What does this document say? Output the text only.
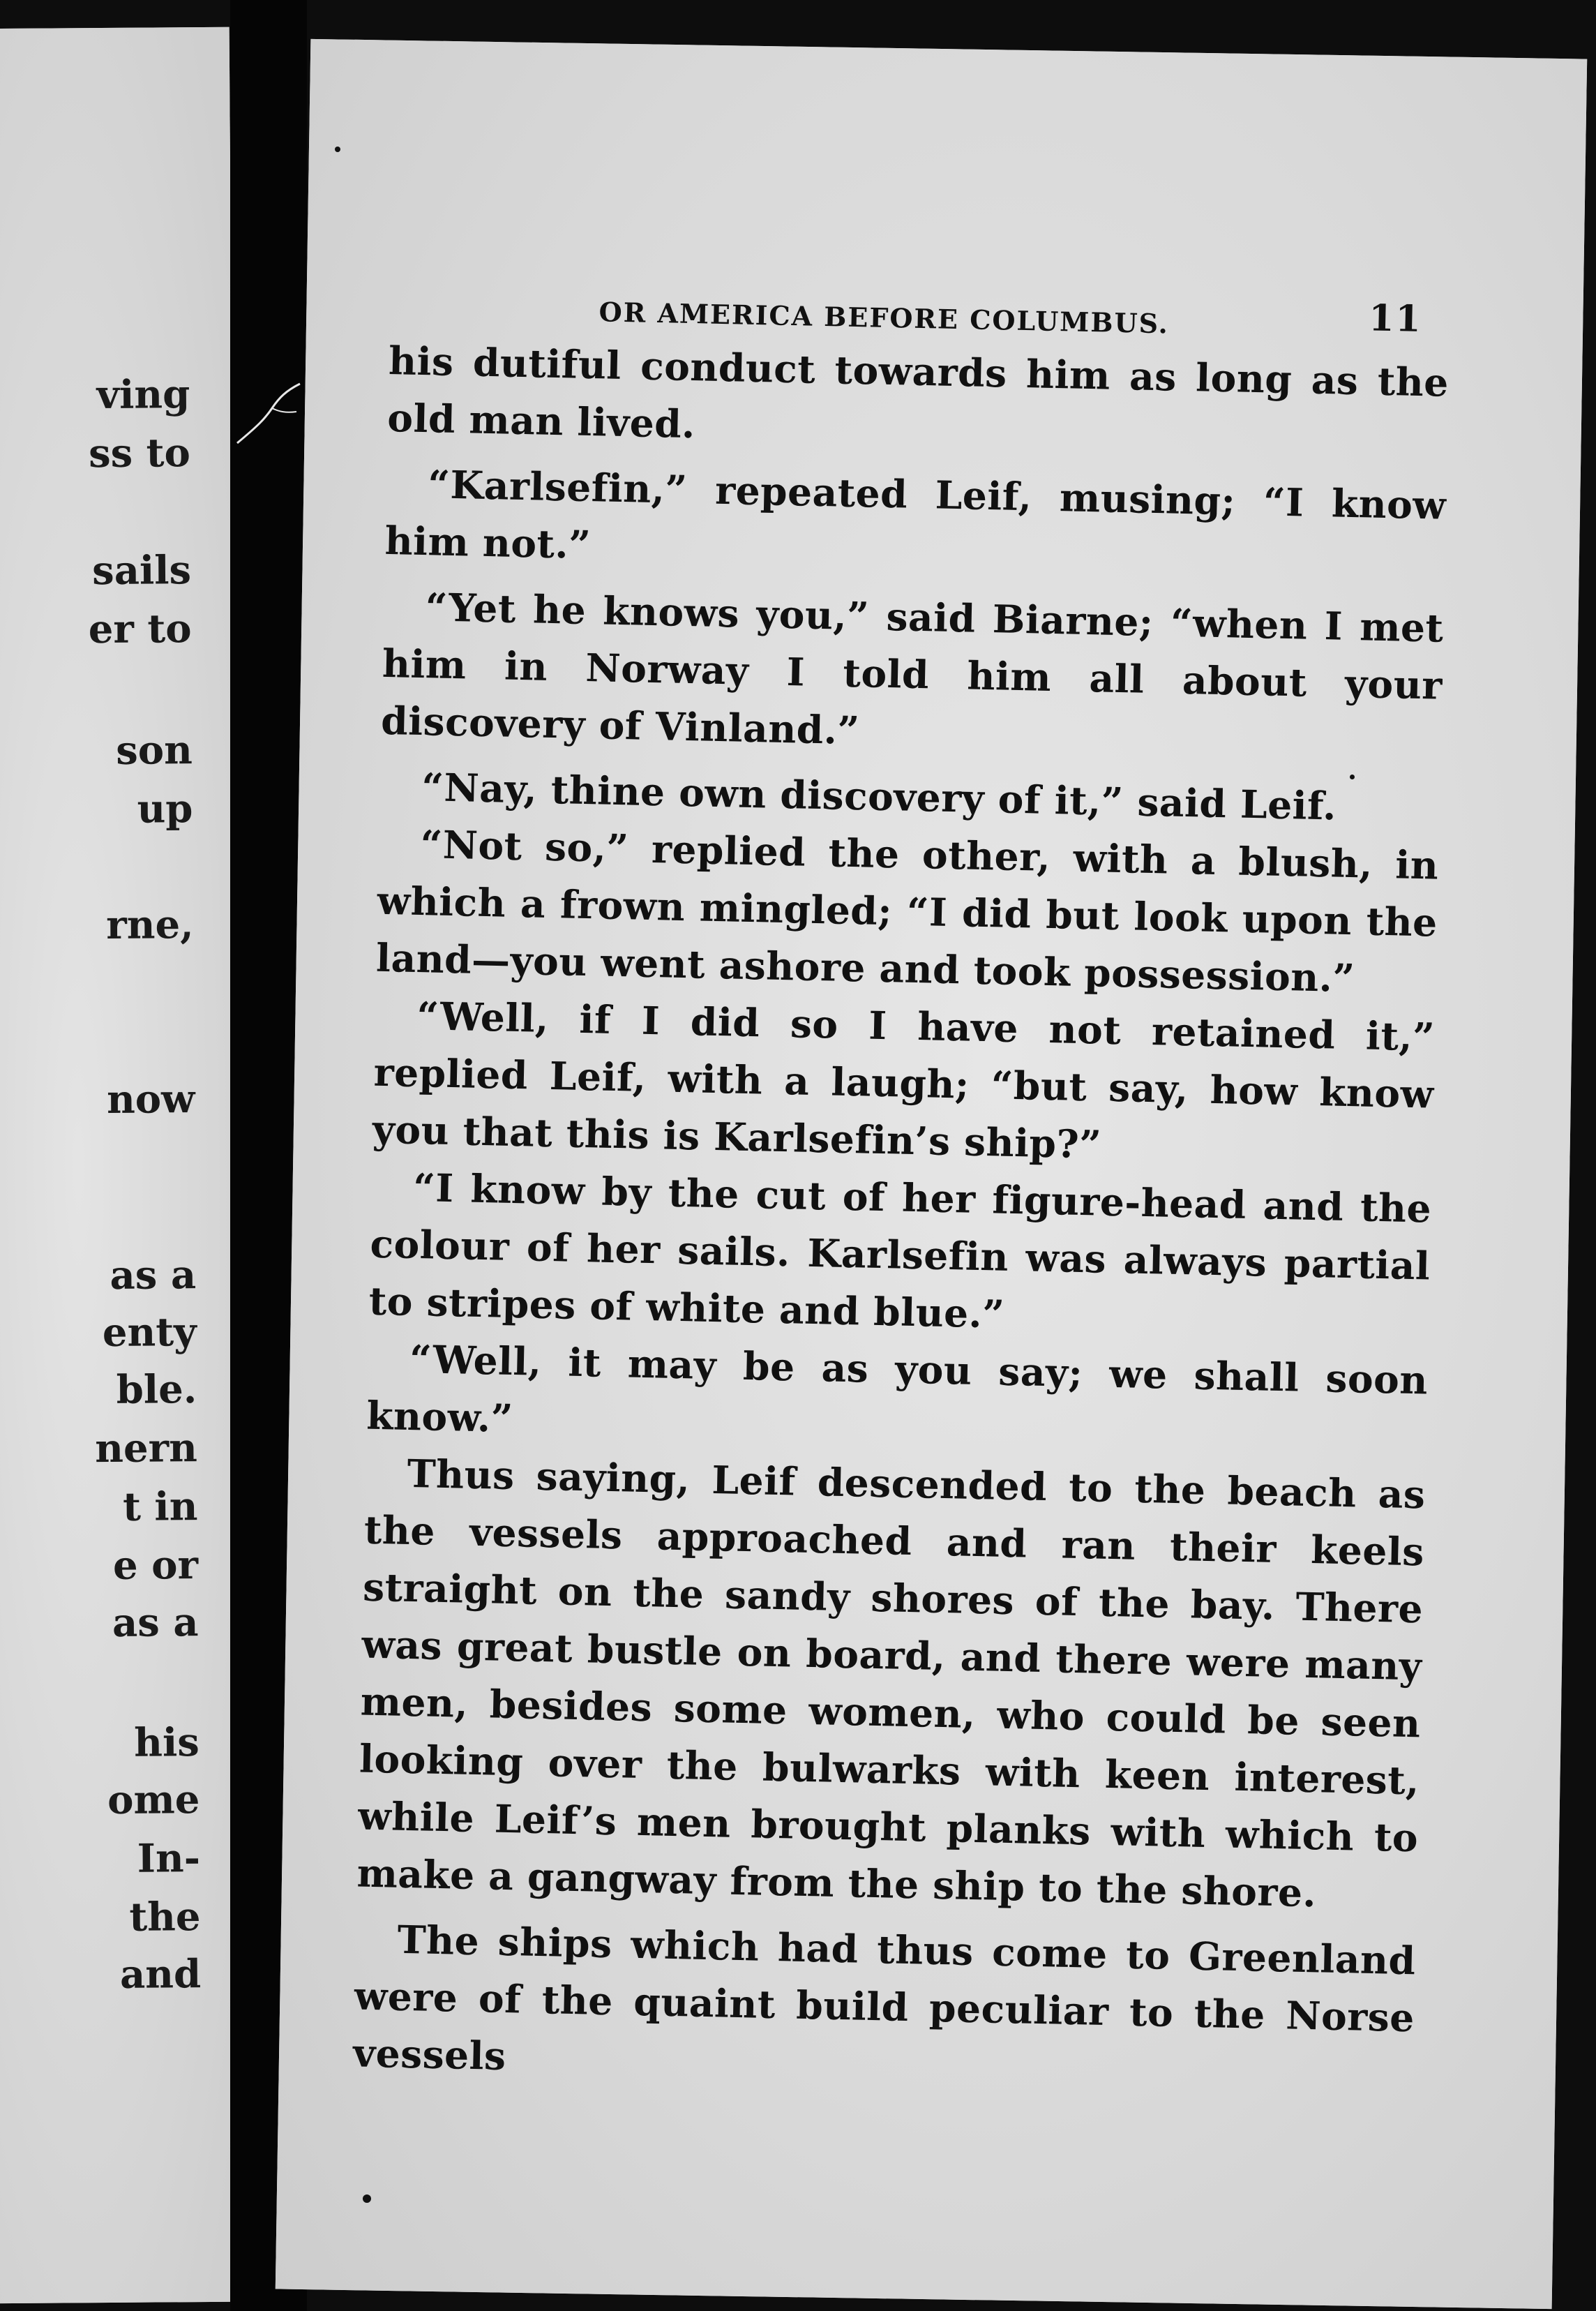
ving
ss to
sails
er to
son
up
rne,
now
as a
enty
ble.
nern
t in
e or
as a
his
ome
In-
the
and
OR AMERICA BEFORE COLUMBUS.	11

his dutiful conduct towards him as long as the old man lived.

“Karlsefin,” repeated Leif, musing; “I know him not.”

“Yet he knows you,” said Biarne; “when I met him in Norway I told him all about your discovery of Vinland.”

“Nay, thine own discovery of it,” said Leif.

“Not so,” replied the other, with a blush, in which a frown mingled; “I did but look upon the land—you went ashore and took possession.”

“Well, if I did so I have not retained it,” replied Leif, with a laugh; “but say, how know you that this is Karlsefin’s ship?”

“I know by the cut of her figure-head and the colour of her sails. Karlsefin was always partial to stripes of white and blue.”

“Well, it may be as you say; we shall soon know.”

Thus saying, Leif descended to the beach as the vessels approached and ran their keels straight on the sandy shores of the bay. There was great bustle on board, and there were many men, besides some women, who could be seen looking over the bulwarks with keen interest, while Leif’s men brought planks with which to make a gangway from the ship to the shore.

The ships which had thus come to Greenland were of the quaint build peculiar to the Norse vessels
